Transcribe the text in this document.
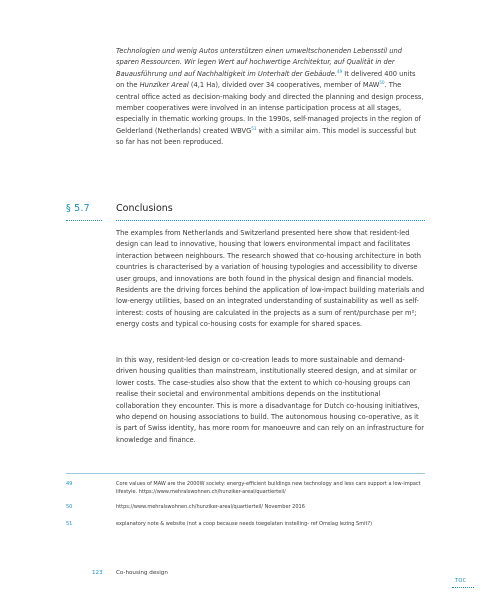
Technologien und wenig Autos unterstützen einen umweltschonenden Lebensstil und sparen Ressourcen. Wir legen Wert auf hochwertige Architektur, auf Qualität in der Bauausführung und auf Nachhaltigkeit im Unterhalt der Gebäude.$^{49}$ It delivered 400 units on the Hunziker Areal (4,1 Ha), divided over 34 cooperatives, member of MAW$^{50}$. The central office acted as decision-making body and directed the planning and design process, member cooperatives were involved in an intense participation process at all stages, especially in thematic working groups. In the 1990s, self-managed projects in the region of Gelderland (Netherlands) created WBVG$^{51}$ with a similar aim. This model is successful but so far has not been reproduced.

§ 5.7	Conclusions

The examples from Netherlands and Switzerland presented here show that resident-led design can lead to innovative, housing that lowers environmental impact and facilitates interaction between neighbours. The research showed that co-housing architecture in both countries is characterised by a variation of housing typologies and accessibility to diverse user groups, and innovations are both found in the physical design and financial models. Residents are the driving forces behind the application of low-impact building materials and low-energy utilities, based on an integrated understanding of sustainability as well as self-interest: costs of housing are calculated in the projects as a sum of rent/purchase per m²; energy costs and typical co-housing costs for example for shared spaces.

In this way, resident-led design or co-creation leads to more sustainable and demand-driven housing qualities than mainstream, institutionally steered design, and at similar or lower costs. The case-studies also show that the extent to which co-housing groups can realise their societal and environmental ambitions depends on the institutional collaboration they encounter. This is more a disadvantage for Dutch co-housing initiatives, who depend on housing associations to build. The autonomous housing co-operative, as it is part of Swiss identity, has more room for manoeuvre and can rely on an infrastructure for knowledge and finance.

49	Core values of MAW are the 2000W society: energy-efficient buildings new technology and less cars support a low-impact lifestyle. https://www.mehralswohnen.ch/hunziker-areal/quartierteil/
50	https://www.mehralswohnen.ch/hunziker-areal/quartierteil/ November 2016
51	explanatory note & website (not a coop because needs toegelaten instelling- ref Omslag lezing Smit?)
123 Co-housing design
TOC
